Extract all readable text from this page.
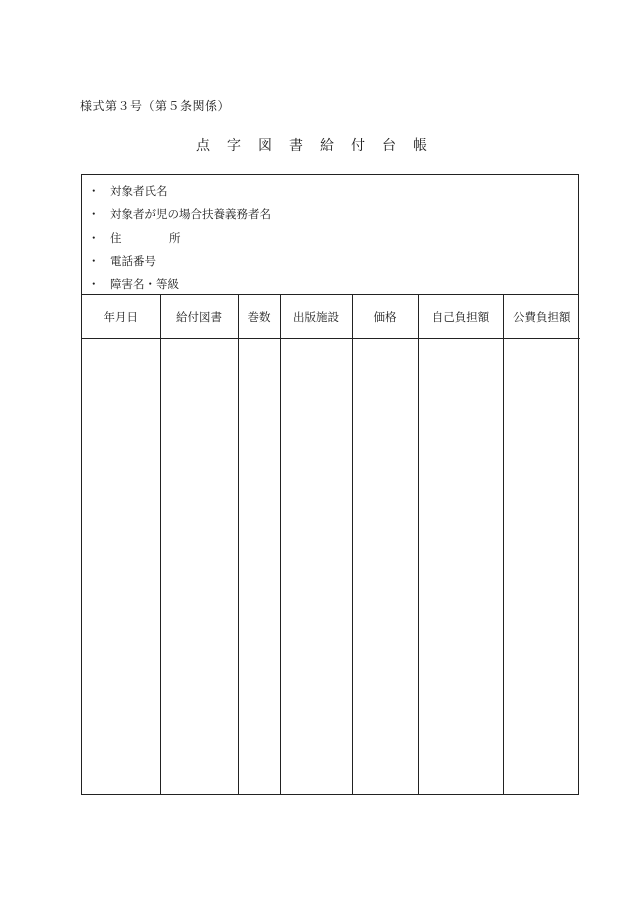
様式第３号（第５条関係）
点字図書給付台帳
・ 対象者氏名
・ 対象者が児の場合扶養義務者名
・ 住	所
・ 電話番号
・ 障害名・等級
年月日	給付図書	巻数	出版施設	価格	自己負担額	公費負担額
